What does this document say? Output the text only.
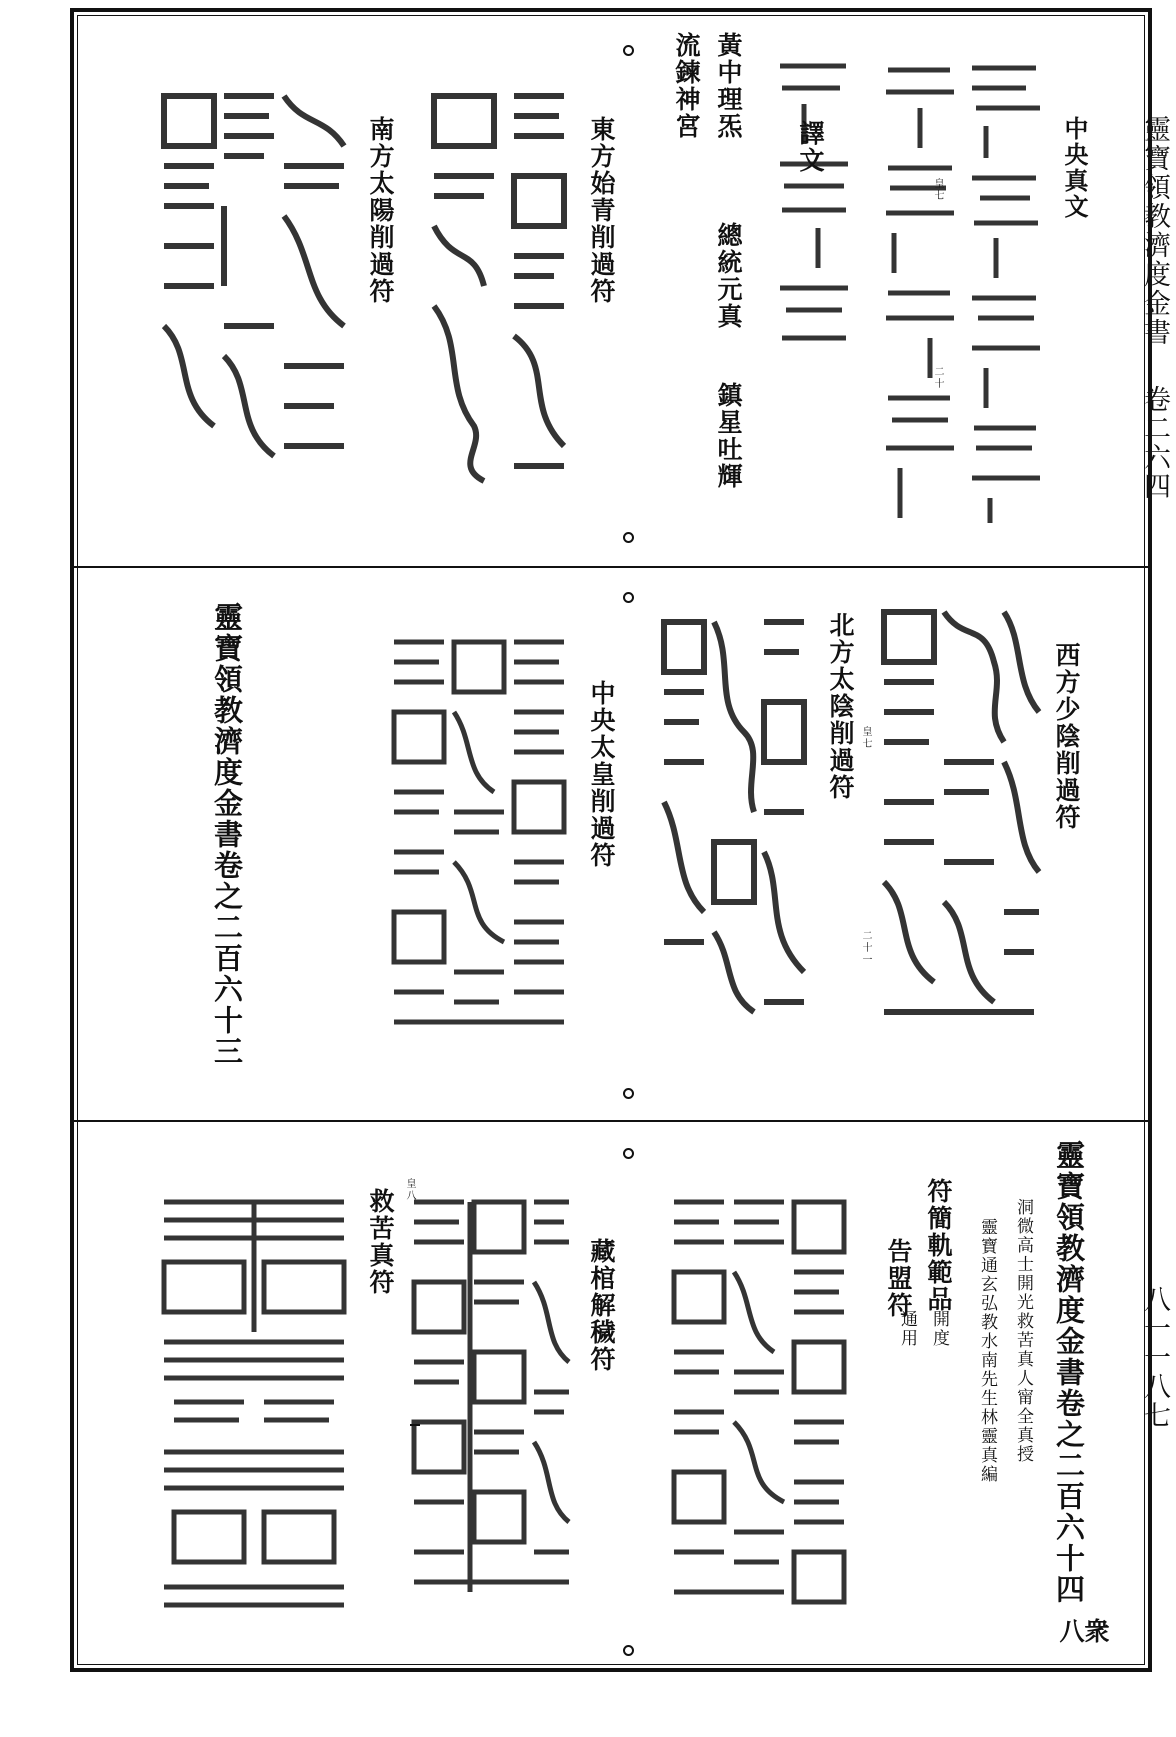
靈寶領教濟度金書
卷二六四
八一一八七
中央真文
皇七
二十
譯文
黃中理炁
總統元真
鎮星吐輝
流鍊神宮
東方始青削過符
南方太陽削過符
西方少陰削過符
北方太陰削過符 皇七
二十一
中央太皇削過符
靈寶領教濟度金書卷之二百六十三
靈寶領教濟度金書卷之二百六十四
衆八
洞微高士開光救苦真人甯全真授
靈寶通玄弘教水南先生林靈真編
符簡軌範品
開度
通用
告盟符
藏棺解穢符
皇八
救苦真符
